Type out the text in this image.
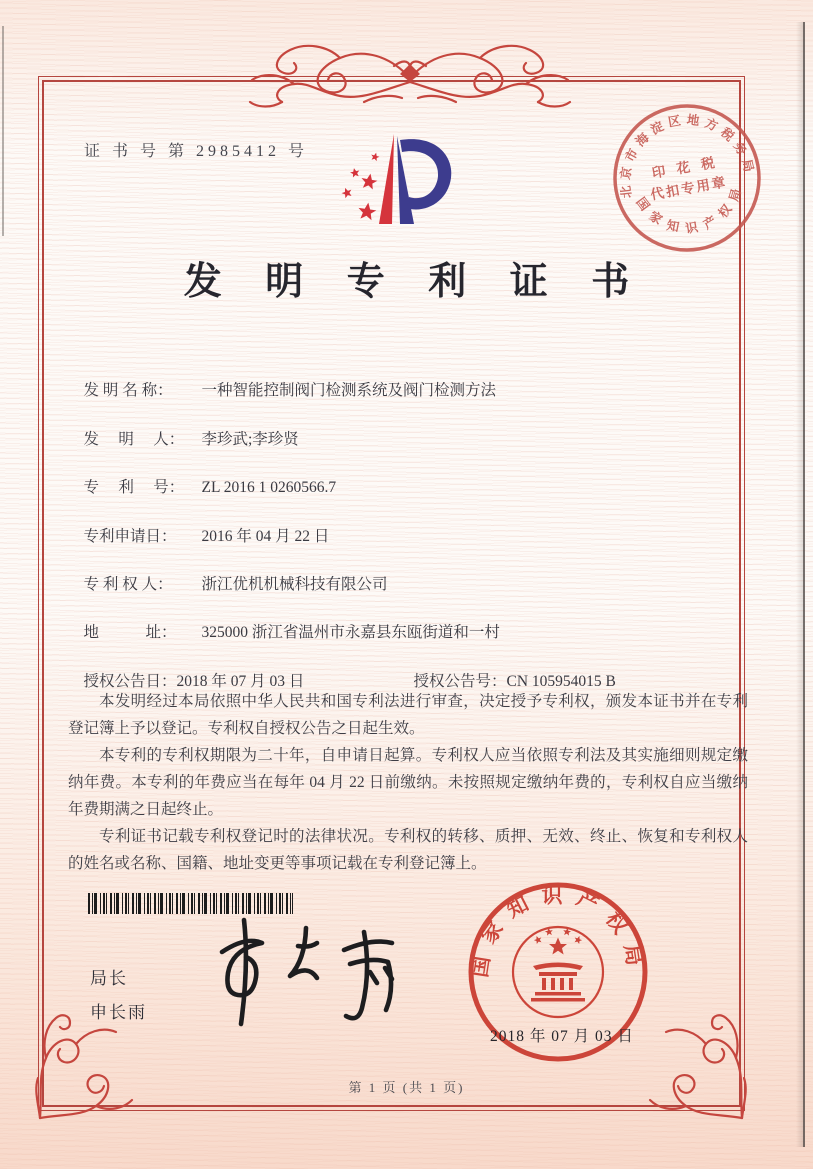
证 书 号 第 2985412 号
北京市海淀区地方税务局
印 花 税
代扣专用章
国家知识产权局
发 明 专 利 证 书

发 明 名 称： 一种智能控制阀门检测系统及阀门检测方法

发　 明　 人： 李珍武;李珍贤

专　 利　 号： ZL 2016 1 0260566.7

专利申请日： 2016 年 04 月 22 日

专 利 权 人： 浙江优机机械科技有限公司

地　　　址： 325000 浙江省温州市永嘉县东瓯街道和一村

授权公告日：2018 年 07 月 03 日
	授权公告号：CN 105954015 B

本发明经过本局依照中华人民共和国专利法进行审查，决定授予专利权，颁发本证书并在专利登记簿上予以登记。专利权自授权公告之日起生效。

本专利的专利权期限为二十年，自申请日起算。专利权人应当依照专利法及其实施细则规定缴纳年费。本专利的年费应当在每年 04 月 22 日前缴纳。未按照规定缴纳年费的，专利权自应当缴纳年费期满之日起终止。

专利证书记载专利权登记时的法律状况。专利权的转移、质押、无效、终止、恢复和专利权人的姓名或名称、国籍、地址变更等事项记载在专利登记簿上。

局长
申长雨
国家知识产权局
2018 年 07 月 03 日
第 1 页 (共 1 页)
